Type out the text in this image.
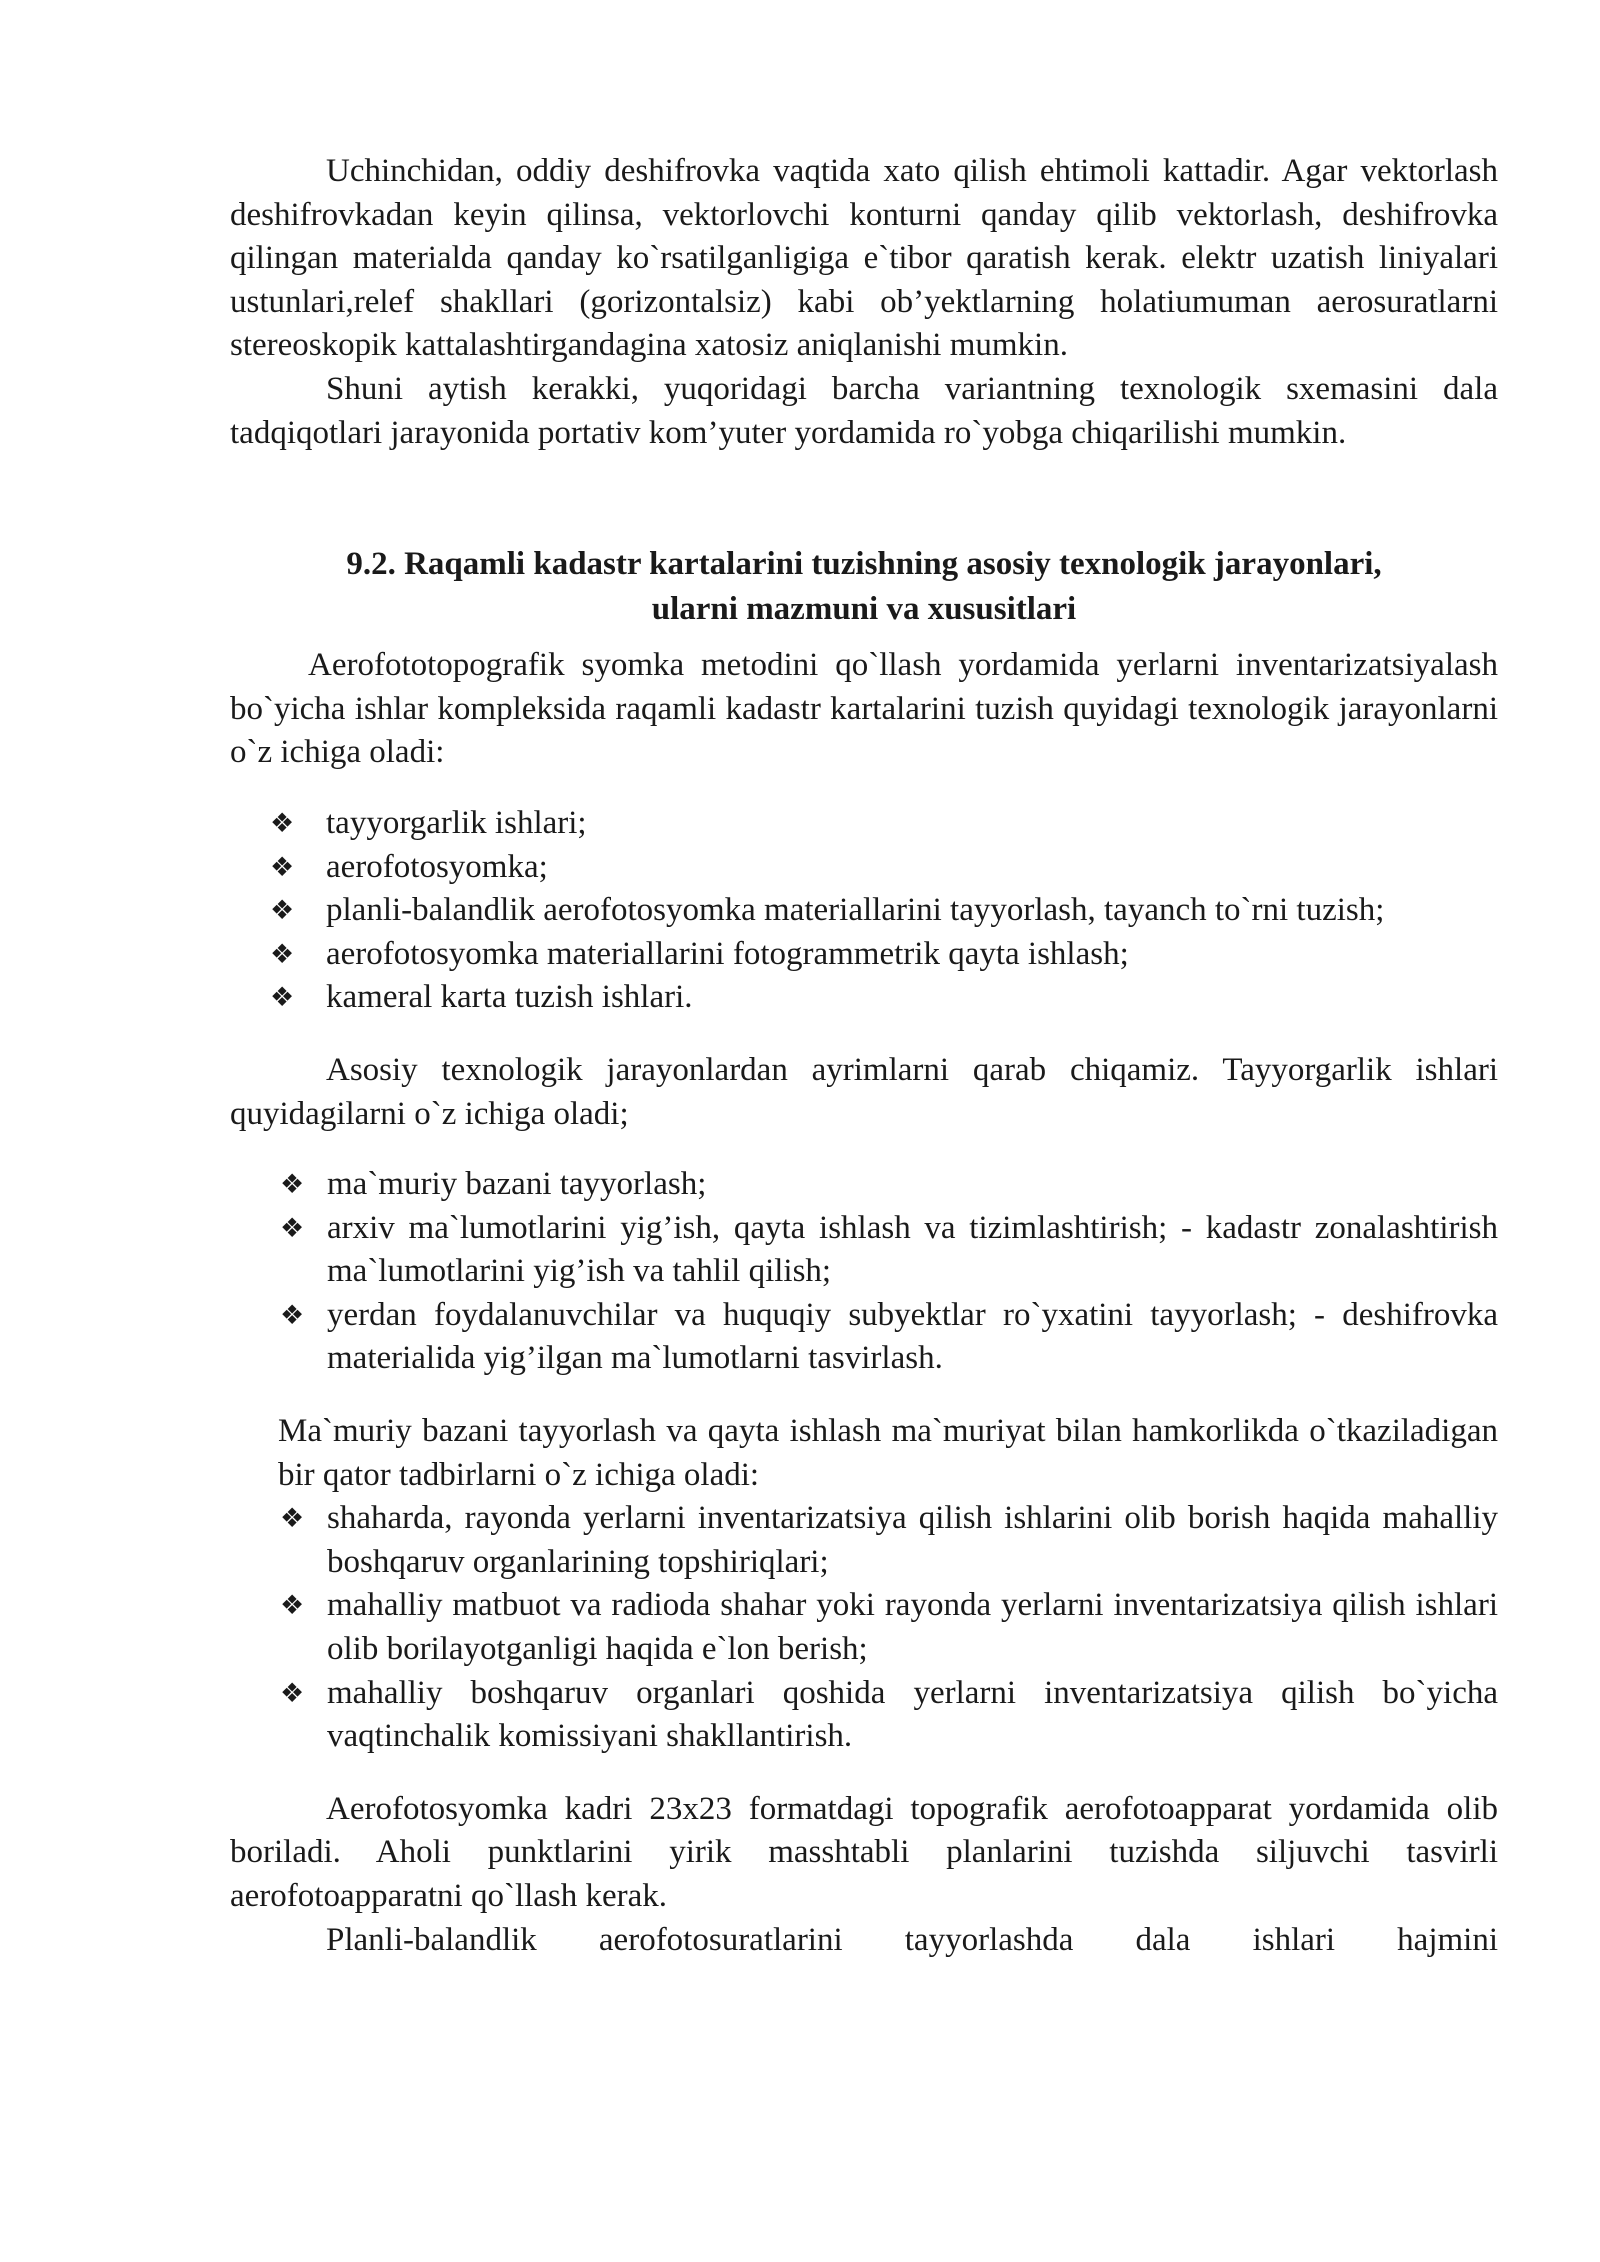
Uchinchidan, oddiy deshifrovka vaqtida xato qilish ehtimoli kattadir. Agar vektorlash deshifrovkadan keyin qilinsa, vektorlovchi konturni qanday qilib vektorlash, deshifrovka qilingan materialda qanday ko`rsatilganligiga e`tibor qaratish kerak. elektr uzatish liniyalari ustunlari,relef shakllari (gorizontalsiz) kabi ob’yektlarning holatiumuman aerosuratlarni stereoskopik kattalashtirgandagina xatosiz aniqlanishi mumkin.

Shuni aytish kerakki, yuqoridagi barcha variantning texnologik sxemasini dala tadqiqotlari jarayonida portativ kom’yuter yordamida ro`yobga chiqarilishi mumkin.

9.2. Raqamli kadastr kartalarini tuzishning asosiy texnologik jarayonlari,
ularni mazmuni va xususitlari

Aerofototopografik syomka metodini qo`llash yordamida yerlarni inventarizatsiyalash bo`yicha ishlar kompleksida raqamli kadastr kartalarini tuzish quyidagi texnologik jarayonlarni o`z ichiga oladi:

❖ tayyorgarlik ishlari;
❖ aerofotosyomka;
❖ planli-balandlik aerofotosyomka materiallarini tayyorlash, tayanch to`rni tuzish;
❖ aerofotosyomka materiallarini fotogrammetrik qayta ishlash;
❖ kameral karta tuzish ishlari.

Asosiy texnologik jarayonlardan ayrimlarni qarab chiqamiz. Tayyorgarlik ishlari quyidagilarni o`z ichiga oladi;

❖ ma`muriy bazani tayyorlash;
❖ arxiv ma`lumotlarini yig’ish, qayta ishlash va tizimlashtirish; - kadastr zonalashtirish ma`lumotlarini yig’ish va tahlil qilish;
❖ yerdan foydalanuvchilar va huquqiy subyektlar ro`yxatini tayyorlash; - deshifrovka materialida yig’ilgan ma`lumotlarni tasvirlash.

Ma`muriy bazani tayyorlash va qayta ishlash ma`muriyat bilan hamkorlikda o`tkaziladigan bir qator tadbirlarni o`z ichiga oladi:

❖ shaharda, rayonda yerlarni inventarizatsiya qilish ishlarini olib borish haqida mahalliy boshqaruv organlarining topshiriqlari;
❖ mahalliy matbuot va radioda shahar yoki rayonda yerlarni inventarizatsiya qilish ishlari olib borilayotganligi haqida e`lon berish;
❖ mahalliy boshqaruv organlari qoshida yerlarni inventarizatsiya qilish bo`yicha vaqtinchalik komissiyani shakllantirish.

Aerofotosyomka kadri 23x23 formatdagi topografik aerofotoapparat yordamida olib boriladi. Aholi punktlarini yirik masshtabli planlarini tuzishda siljuvchi tasvirli aerofotoapparatni qo`llash kerak.

Planli-balandlik aerofotosuratlarini tayyorlashda dala ishlari hajmini
